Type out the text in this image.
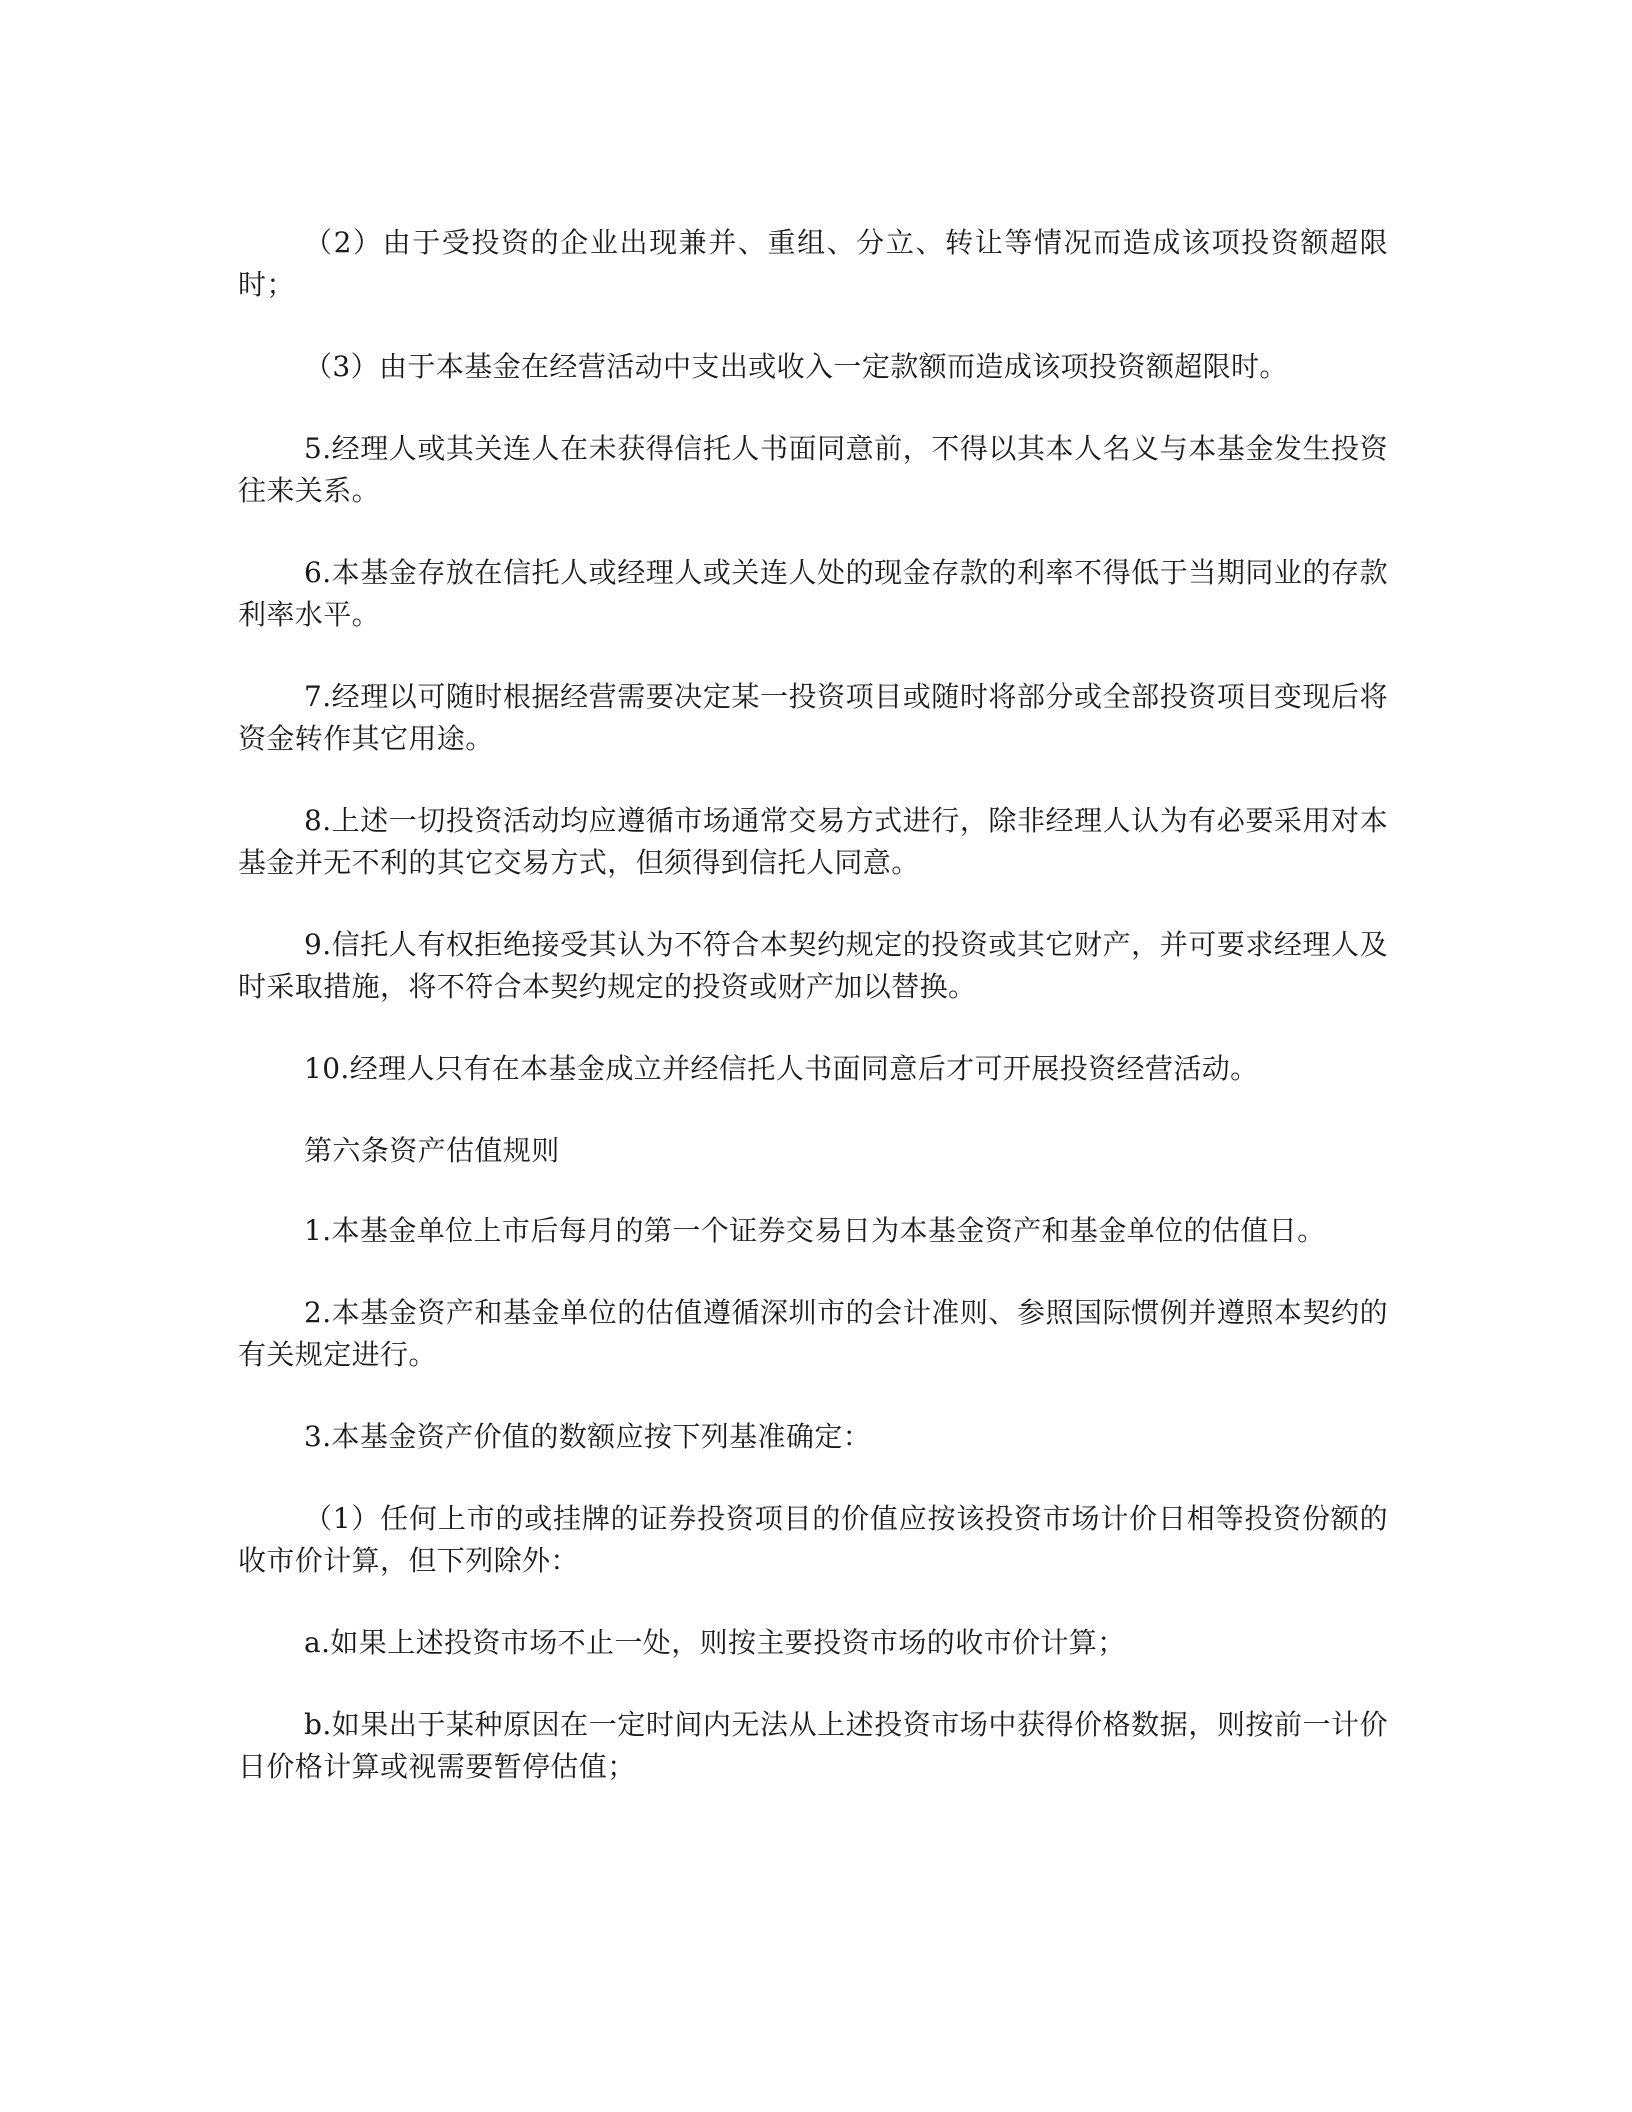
（2）由于受投资的企业出现兼并、重组、分立、转让等情况而造成该项投资额超限时；

（3）由于本基金在经营活动中支出或收入一定款额而造成该项投资额超限时。

5.经理人或其关连人在未获得信托人书面同意前，不得以其本人名义与本基金发生投资往来关系。

6.本基金存放在信托人或经理人或关连人处的现金存款的利率不得低于当期同业的存款利率水平。

7.经理以可随时根据经营需要决定某一投资项目或随时将部分或全部投资项目变现后将资金转作其它用途。

8.上述一切投资活动均应遵循市场通常交易方式进行，除非经理人认为有必要采用对本基金并无不利的其它交易方式，但须得到信托人同意。

9.信托人有权拒绝接受其认为不符合本契约规定的投资或其它财产，并可要求经理人及时采取措施，将不符合本契约规定的投资或财产加以替换。

10.经理人只有在本基金成立并经信托人书面同意后才可开展投资经营活动。

第六条资产估值规则

1.本基金单位上市后每月的第一个证券交易日为本基金资产和基金单位的估值日。

2.本基金资产和基金单位的估值遵循深圳市的会计准则、参照国际惯例并遵照本契约的有关规定进行。

3.本基金资产价值的数额应按下列基准确定：

（1）任何上市的或挂牌的证券投资项目的价值应按该投资市场计价日相等投资份额的收市价计算，但下列除外：

a.如果上述投资市场不止一处，则按主要投资市场的收市价计算；

b.如果出于某种原因在一定时间内无法从上述投资市场中获得价格数据，则按前一计价日价格计算或视需要暂停估值；
